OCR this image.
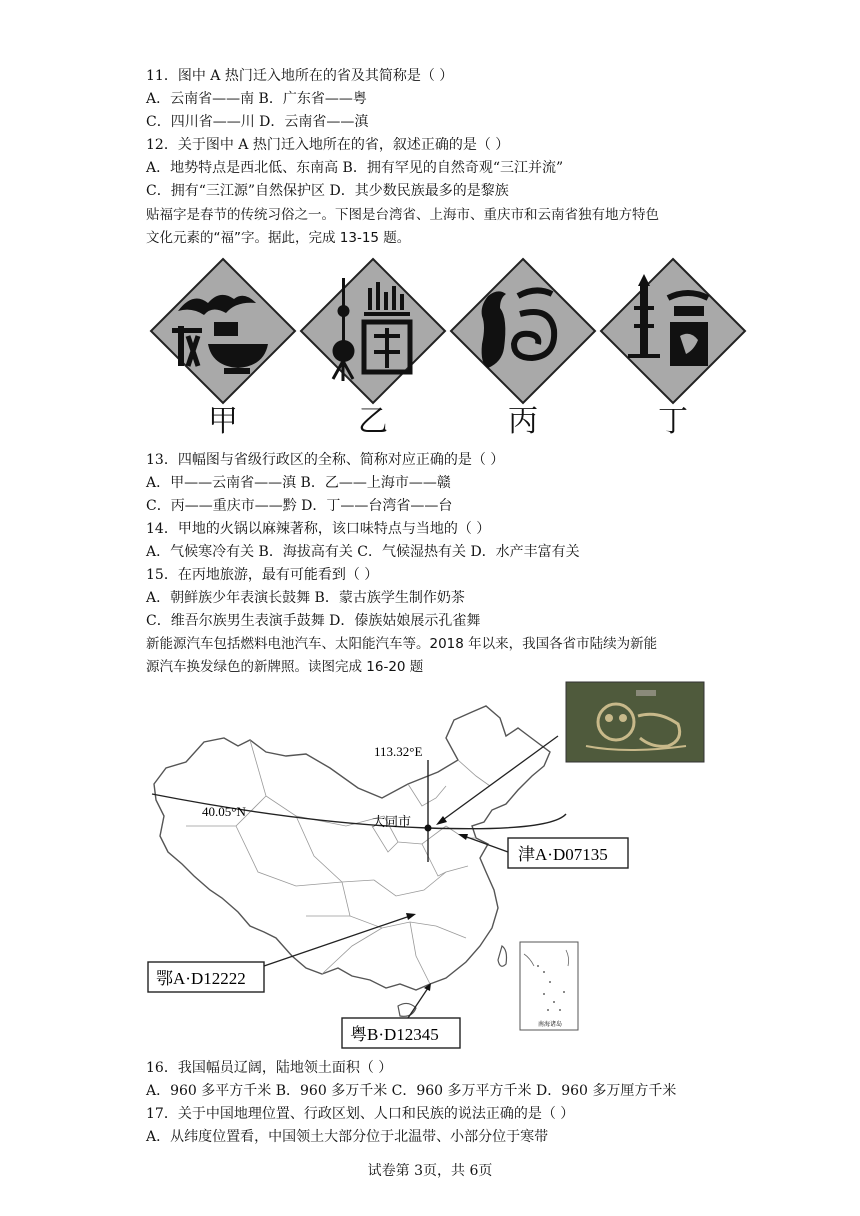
11．图中 A 热门迁入地所在的省及其简称是（ ）
A．云南省——南 B．广东省——粤
C．四川省——川 D．云南省——滇
12．关于图中 A 热门迁入地所在的省，叙述正确的是（ ）
A．地势特点是西北低、东南高 B．拥有罕见的自然奇观“三江并流”
C．拥有“三江源”自然保护区 D．其少数民族最多的是黎族
贴福字是春节的传统习俗之一。下图是台湾省、上海市、重庆市和云南省独有地方特色
文化元素的“福”字。据此，完成 13-15 题。
甲	乙	丙	丁
13．四幅图与省级行政区的全称、简称对应正确的是（ ）
A．甲——云南省——滇 B．乙——上海市——赣
C．丙——重庆市——黔 D．丁——台湾省——台
14．甲地的火锅以麻辣著称，该口味特点与当地的（ ）
A．气候寒冷有关 B．海拔高有关 C．气候湿热有关 D．水产丰富有关
15．在丙地旅游，最有可能看到（ ）
A．朝鲜族少年表演长鼓舞 B．蒙古族学生制作奶茶
C．维吾尔族男生表演手鼓舞 D．傣族姑娘展示孔雀舞
新能源汽车包括燃料电池汽车、太阳能汽车等。2018 年以来，我国各省市陆续为新能
源汽车换发绿色的新牌照。读图完成 16-20 题
113.32°E
40.05°N
大同市
津A·D07135
鄂A·D12222
粤B·D12345
南海诸岛
16．我国幅员辽阔，陆地领土面积（ ）
A．960 多平方千米 B．960 多万千米 C．960 多万平方千米 D．960 多万厘方千米
17．关于中国地理位置、行政区划、人口和民族的说法正确的是（ ）
A．从纬度位置看，中国领土大部分位于北温带、小部分位于寒带
试卷第 3页，共 6页
